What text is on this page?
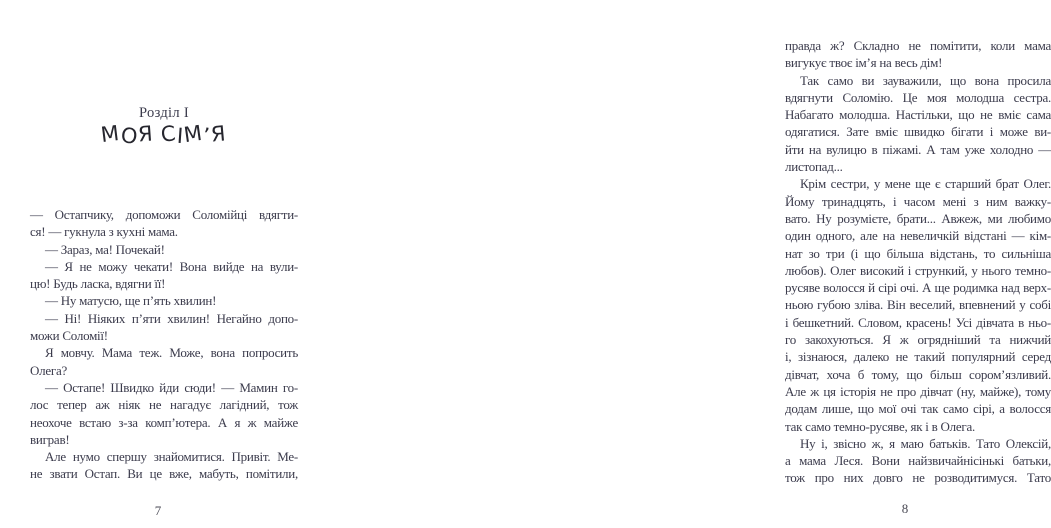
Розділ I
МОЯ СІМ’Я
— Остапчику, допоможи Соломійці вдягти-
ся! — гукнула з кухні мама.
— Зараз, ма! Почекай!
— Я не можу чекати! Вона вийде на вули-
цю! Будь ласка, вдягни її!
— Ну матусю, ще п’ять хвилин!
— Ні! Ніяких п’яти хвилин! Негайно допо-
можи Соломії!
Я мовчу. Мама теж. Може, вона попросить
Олега?
— Остапе! Швидко йди сюди! — Мамин го-
лос тепер аж ніяк не нагадує лагідний, тож
неохоче встаю з-за комп’ютера. А я ж майже
виграв!
Але нумо спершу знайомитися. Привіт. Ме-
не звати Остап. Ви це вже, мабуть, помітили,
7
правда ж? Складно не помітити, коли мама
вигукує твоє ім’я на весь дім!
Так само ви зауважили, що вона просила
вдягнути Соломію. Це моя молодша сестра.
Набагато молодша. Настільки, що не вміє сама
одягатися. Зате вміє швидко бігати і може ви-
йти на вулицю в піжамі. А там уже холодно —
листопад...
Крім сестри, у мене ще є старший брат Олег.
Йому тринадцять, і часом мені з ним важку-
вато. Ну розумієте, брати... Авжеж, ми любимо
один одного, але на невеличкій відстані — кім-
нат зо три (і що більша відстань, то сильніша
любов). Олег високий і стрункий, у нього темно-
русяве волосся й сірі очі. А ще родимка над верх-
ньою губою зліва. Він веселий, впевнений у собі
і бешкетний. Словом, красень! Усі дівчата в ньо-
го закохуються. Я ж огрядніший та нижчий
і, зізнаюся, далеко не такий популярний серед
дівчат, хоча б тому, що більш сором’язливий.
Але ж ця історія не про дівчат (ну, майже), тому
додам лише, що мої очі так само сірі, а волосся
так само темно-русяве, як і в Олега.
Ну і, звісно ж, я маю батьків. Тато Олексій,
а мама Леся. Вони найзвичайнісінькі батьки,
тож про них довго не розводитимуся. Тато
8
